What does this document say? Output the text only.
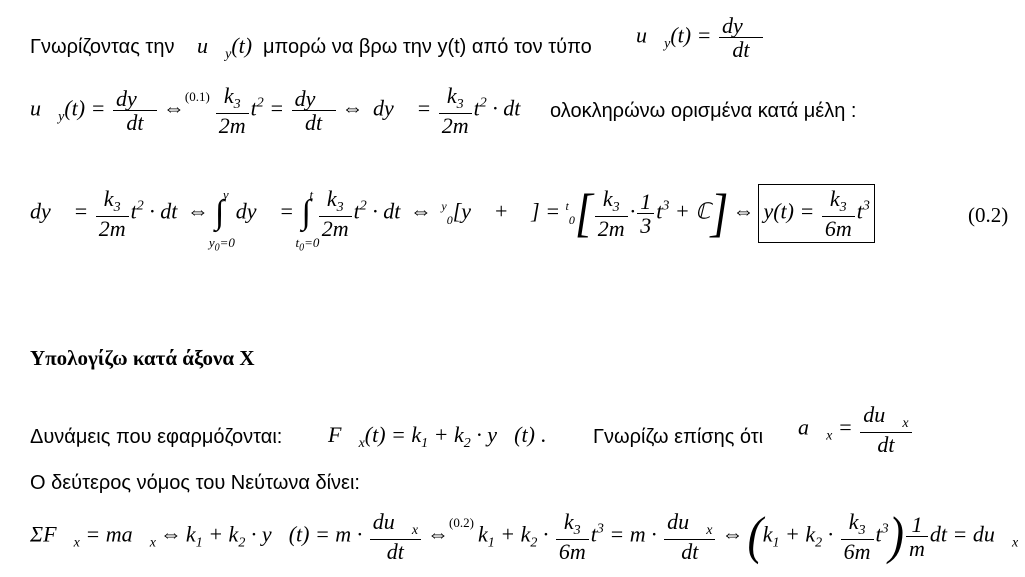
Γνωρίζοντας την $u⃗_y(t)$ μπορώ να βρω την y(t) από τον τύπο $u⃗_y(t) = \frac{dy⃗}{dt}$
$u⃗_y(t) = \frac{dy⃗}{dt}$ ⇔$^{(0.1)}$ $\frac{k_3}{2m} t^2 = \frac{dy⃗}{dt}$ ⇔ dy⃗ = $\frac{k_3}{2m} t^2$ · dt ολοκληρώνω ορισμένα κατά μέλη :
dy⃗ = $\frac{k_3}{2m} t^2$ · dt ⇔ ∫
y
$y_0=0$
dy⃗ = ∫
t
$t_0=0$
$\frac{k_3}{2m} t^2$ · dt ⇔ $^y_0$[y⃗ + ℂ] = $^t_0[ \frac{k_3}{2m} \cdot \frac{1}{3} t^3$ + ℂ] ⇔ $y(t) = \frac{k_3}{6m} t^3$	(0.2)
Υπολογίζω κατά άξονα Χ
Δυνάμεις που εφαρμόζονται: $F⃗_x(t) = k_1 + k_2$ · y⃗(t) . Γνωρίζω επίσης ότι $a⃗_x = \frac{du⃗_x}{dt}$
Ο δεύτερος νόμος του Νεύτωνα δίνει:
$\Sigma F⃗_x$ = $ma⃗_x$ ⇔ $k_1 + k_2$ · y⃗(t) = $m \cdot \frac{du⃗_x}{dt}$ ⇔$^{(0.2)}$ $k_1 + k_2 \cdot \frac{k_3}{6m} t^3 = m \cdot \frac{du⃗_x}{dt}$ $\Leftrightarrow(k_1 + k_2 \cdot \frac{k_3}{6m} t^3) \frac{1}{m}$ dt = $du⃗_x$
